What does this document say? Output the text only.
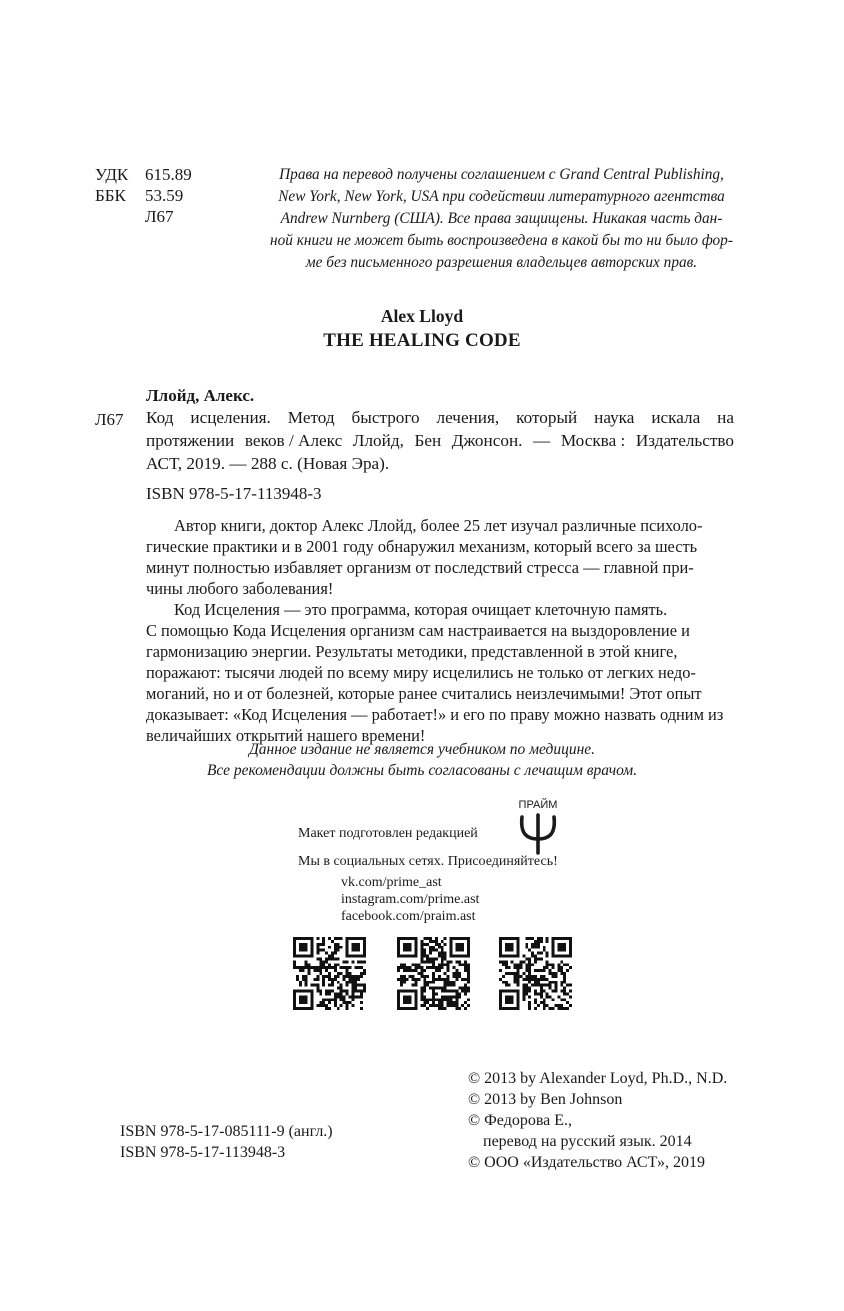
УДК 615.89
ББК	53.59
Л67
Права на перевод получены соглашением с Grand Central Publishing,
New York, New York, USA при содействии литературного агентства
Andrew Nurnberg (США). Все права защищены. Никакая часть дан-
ной книги не может быть воспроизведена в какой бы то ни было фор-
ме без письменного разрешения владельцев авторских прав.
Alex Lloyd
THE HEALING CODE
Ллойд, Алекс.
Л67 Код исцеления. Метод быстрого лечения, который наука искала на
протяжении веков / Алекс Ллойд, Бен Джонсон. — Москва : Издательство
АСТ, 2019. — 288 с. (Новая Эра).
ISBN 978-5-17-113948-3
Автор книги, доктор Алекс Ллойд, более 25 лет изучал различные психоло-
гические практики и в 2001 году обнаружил механизм, который всего за шесть
минут полностью избавляет организм от последствий стресса — главной при-
чины любого заболевания!
Код Исцеления — это программа, которая очищает клеточную память.
С помощью Кода Исцеления организм сам настраивается на выздоровление и
гармонизацию энергии. Результаты методики, представленной в этой книге,
поражают: тысячи людей по всему миру исцелились не только от легких недо-
моганий, но и от болезней, которые ранее считались неизлечимыми! Этот опыт
доказывает: «Код Исцеления — работает!» и его по праву можно назвать одним из
величайших открытий нашего времени!
Данное издание не является учебником по медицине.
Все рекомендации должны быть согласованы с лечащим врачом.
Макет подготовлен редакцией
ПРАЙМ
Мы в социальных сетях. Присоединяйтесь!
vk.com/prime_ast
instagram.com/prime.ast
facebook.com/praim.ast
© 2013 by Alexander Loyd, Ph.D., N.D.
© 2013 by Ben Johnson
© Федорова Е.,
перевод на русский язык. 2014
© ООО «Издательство АСТ», 2019
ISBN 978-5-17-085111-9 (англ.)
ISBN 978-5-17-113948-3
